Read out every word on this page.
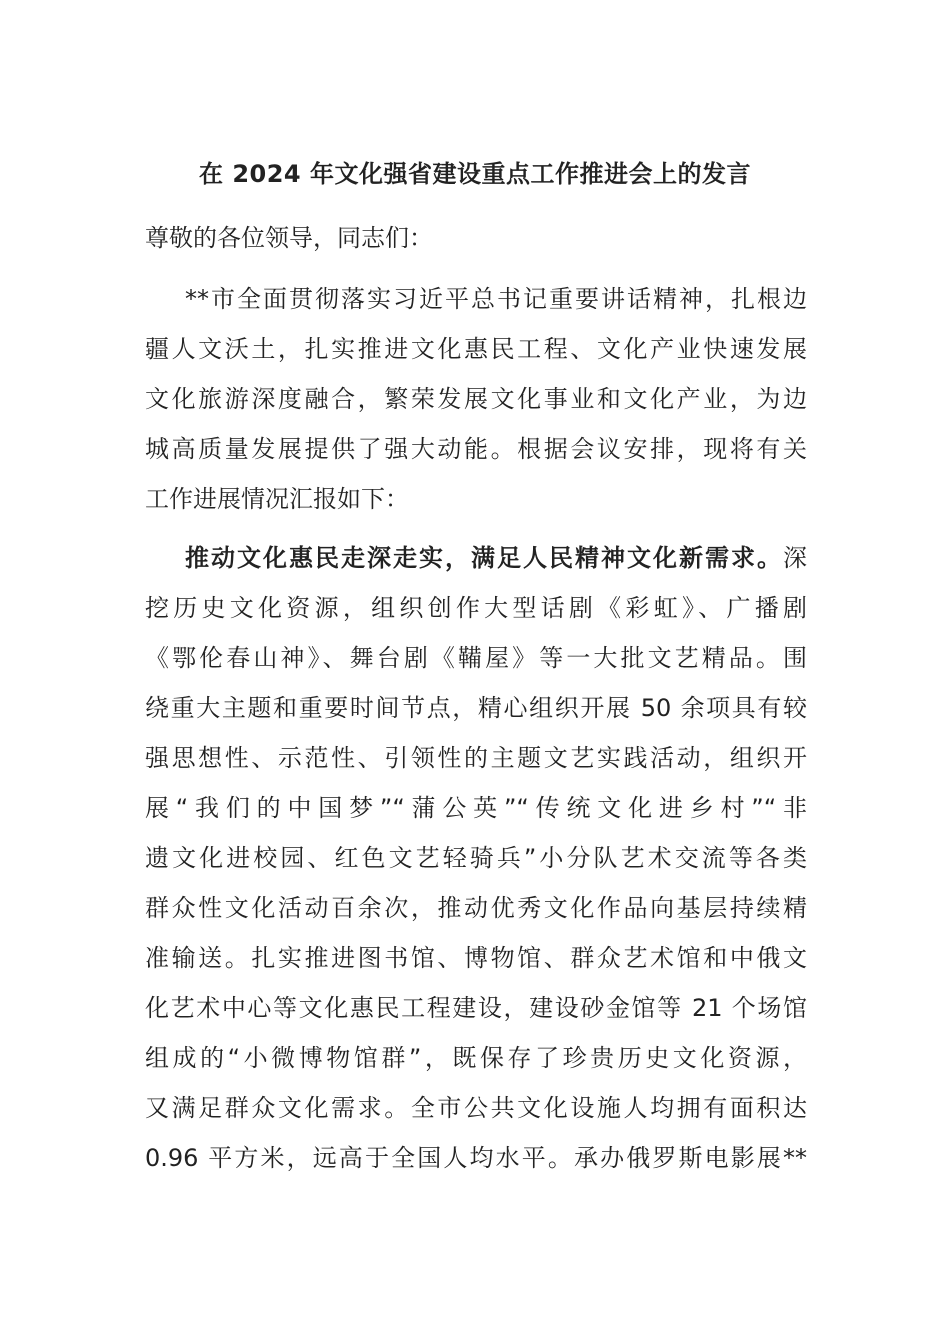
在 2024 年文化强省建设重点工作推进会上的发言
尊敬的各位领导，同志们：
**市全面贯彻落实习近平总书记重要讲话精神，扎根边
疆人文沃土，扎实推进文化惠民工程、文化产业快速发展
文化旅游深度融合，繁荣发展文化事业和文化产业，为边
城高质量发展提供了强大动能。根据会议安排，现将有关
工作进展情况汇报如下：
推动文化惠民走深走实，满足人民精神文化新需求。深
挖历史文化资源，组织创作大型话剧《彩虹》、广播剧
《鄂伦春山神》、舞台剧《鞴屋》等一大批文艺精品。围
绕重大主题和重要时间节点，精心组织开展 50 余项具有较
强思想性、示范性、引领性的主题文艺实践活动，组织开
展“我们的中国梦”“蒲公英”“传统文化进乡村”“非
遗文化进校园、红色文艺轻骑兵”小分队艺术交流等各类
群众性文化活动百余次，推动优秀文化作品向基层持续精
准输送。扎实推进图书馆、博物馆、群众艺术馆和中俄文
化艺术中心等文化惠民工程建设，建设砂金馆等 21 个场馆
组成的“小微博物馆群”，既保存了珍贵历史文化资源，
又满足群众文化需求。全市公共文化设施人均拥有面积达
0.96 平方米，远高于全国人均水平。承办俄罗斯电影展**
